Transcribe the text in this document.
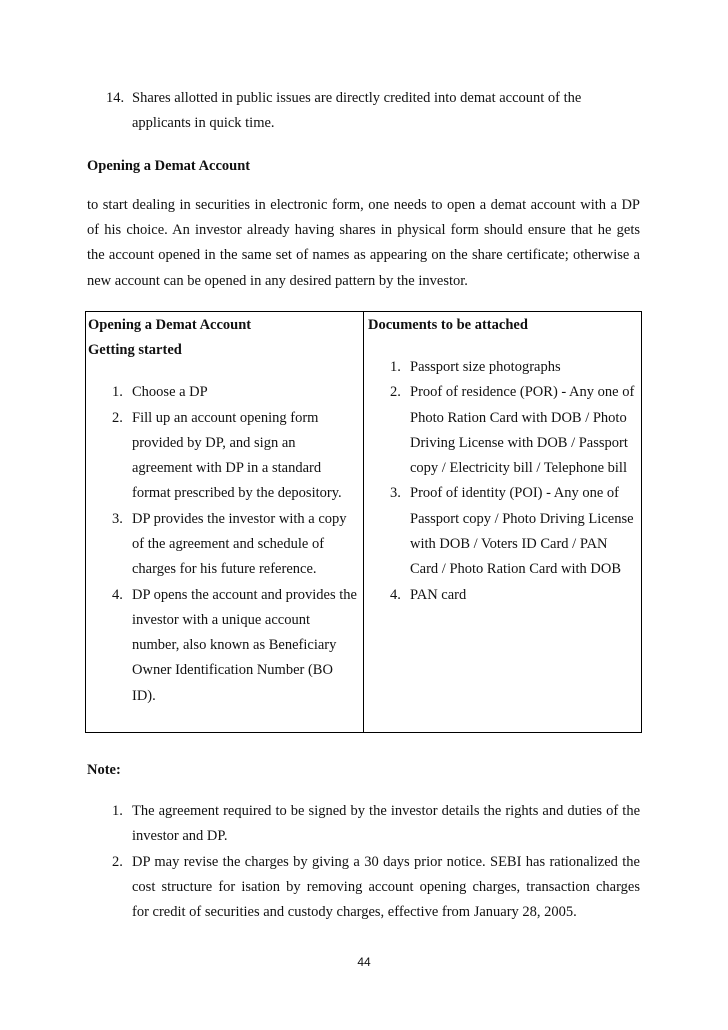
14. Shares allotted in public issues are directly credited into demat account of the
applicants in quick time.
Opening a Demat Account
to start dealing in securities in electronic form, one needs to open a demat account with a DP
of his choice. An investor already having shares in physical form should ensure that he gets
the account opened in the same set of names as appearing on the share certificate; otherwise a
new account can be opened in any desired pattern by the investor.
Opening a Demat Account	Documents to be attached
Getting started
1. Choose a DP
2. Fill up an account opening form
provided by DP, and sign an
agreement with DP in a standard
format prescribed by the depository.
3. DP provides the investor with a copy
of the agreement and schedule of
charges for his future reference.
4. DP opens the account and provides the
investor with a unique account
number, also known as Beneficiary
Owner Identification Number (BO
ID).
1. Passport size photographs
2. Proof of residence (POR) - Any one of
Photo Ration Card with DOB / Photo
Driving License with DOB / Passport
copy / Electricity bill / Telephone bill
3. Proof of identity (POI) - Any one of
Passport copy / Photo Driving License
with DOB / Voters ID Card / PAN
Card / Photo Ration Card with DOB
4. PAN card
Note:
1. The agreement required to be signed by the investor details the rights and duties of the
investor and DP.
2. DP may revise the charges by giving a 30 days prior notice. SEBI has rationalized the
cost structure for isation by removing account opening charges, transaction charges
for credit of securities and custody charges, effective from January 28, 2005.
44
